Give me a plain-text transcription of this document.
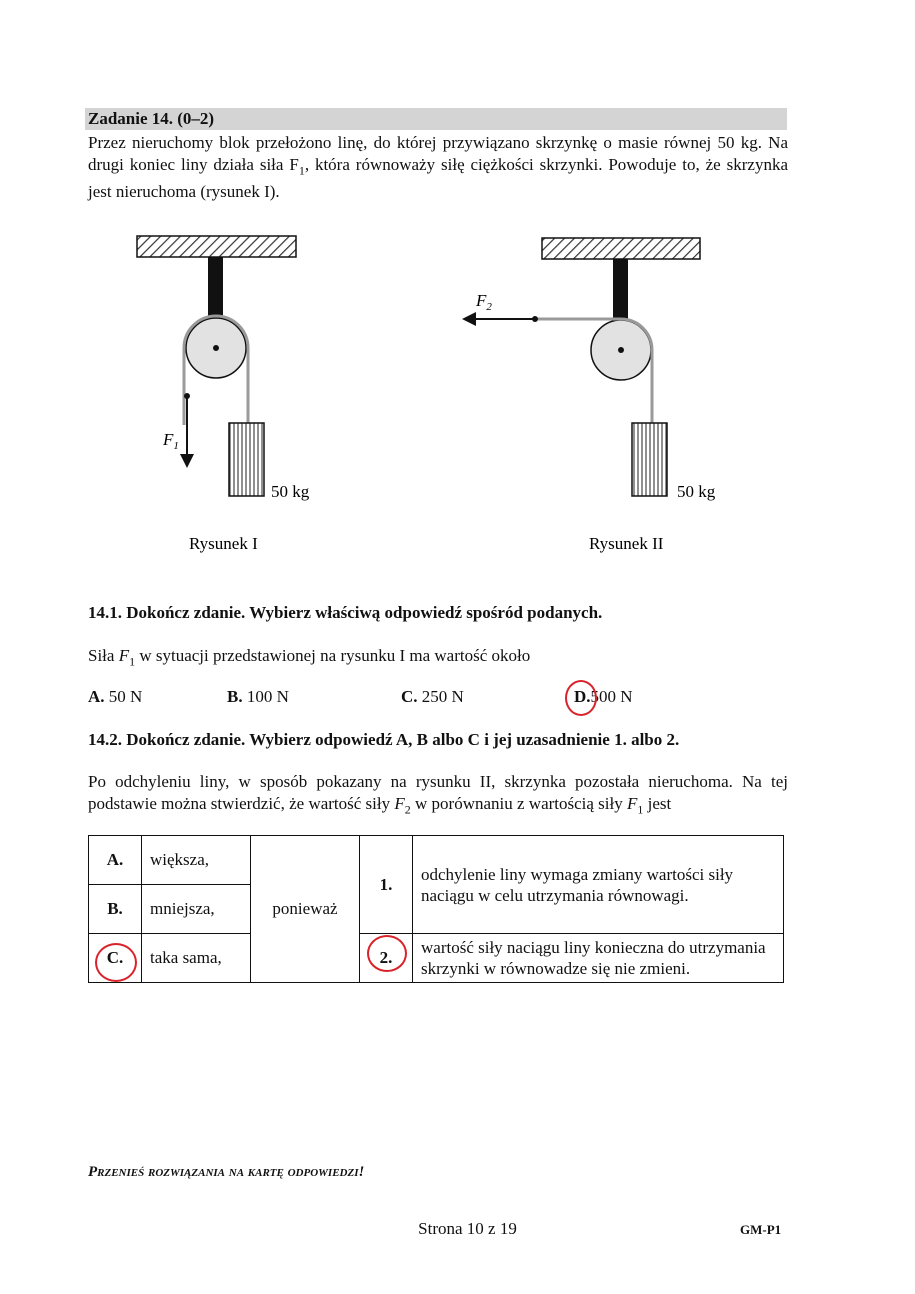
Zadanie 14. (0–2)
Przez nieruchomy blok przełożono linę, do której przywiązano skrzynkę o masie równej 50 kg. Na drugi koniec liny działa siła $F_1$, która równoważy siłę ciężkości skrzynki. Powoduje to, że skrzynka jest nieruchoma (rysunek I).
$F_1$
50 kg
Rysunek I
$F_2$
50 kg
Rysunek II
14.1. Dokończ zdanie. Wybierz właściwą odpowiedź spośród podanych.
Siła $F_1$ w sytuacji przedstawionej na rysunku I ma wartość około
A. 50 N	B. 100 N	C. 250 N	D.500 N
14.2. Dokończ zdanie. Wybierz odpowiedź A, B albo C i jej uzasadnienie 1. albo 2.
Po odchyleniu liny, w sposób pokazany na rysunku II, skrzynka pozostała nieruchoma. Na tej podstawie można stwierdzić, że wartość siły $F_2$ w porównaniu z wartością siły $F_1$ jest
A.	większa,	ponieważ	1.	odchylenie liny wymaga zmiany wartości siły naciągu w celu utrzymania równowagi.
B.	mniejsza,			
C.	taka sama,		2.	wartość siły naciągu liny konieczna do utrzymania skrzynki w równowadze się nie zmieni.
Przenieś rozwiązania na kartę odpowiedzi!
Strona 10 z 19	GM-P1
